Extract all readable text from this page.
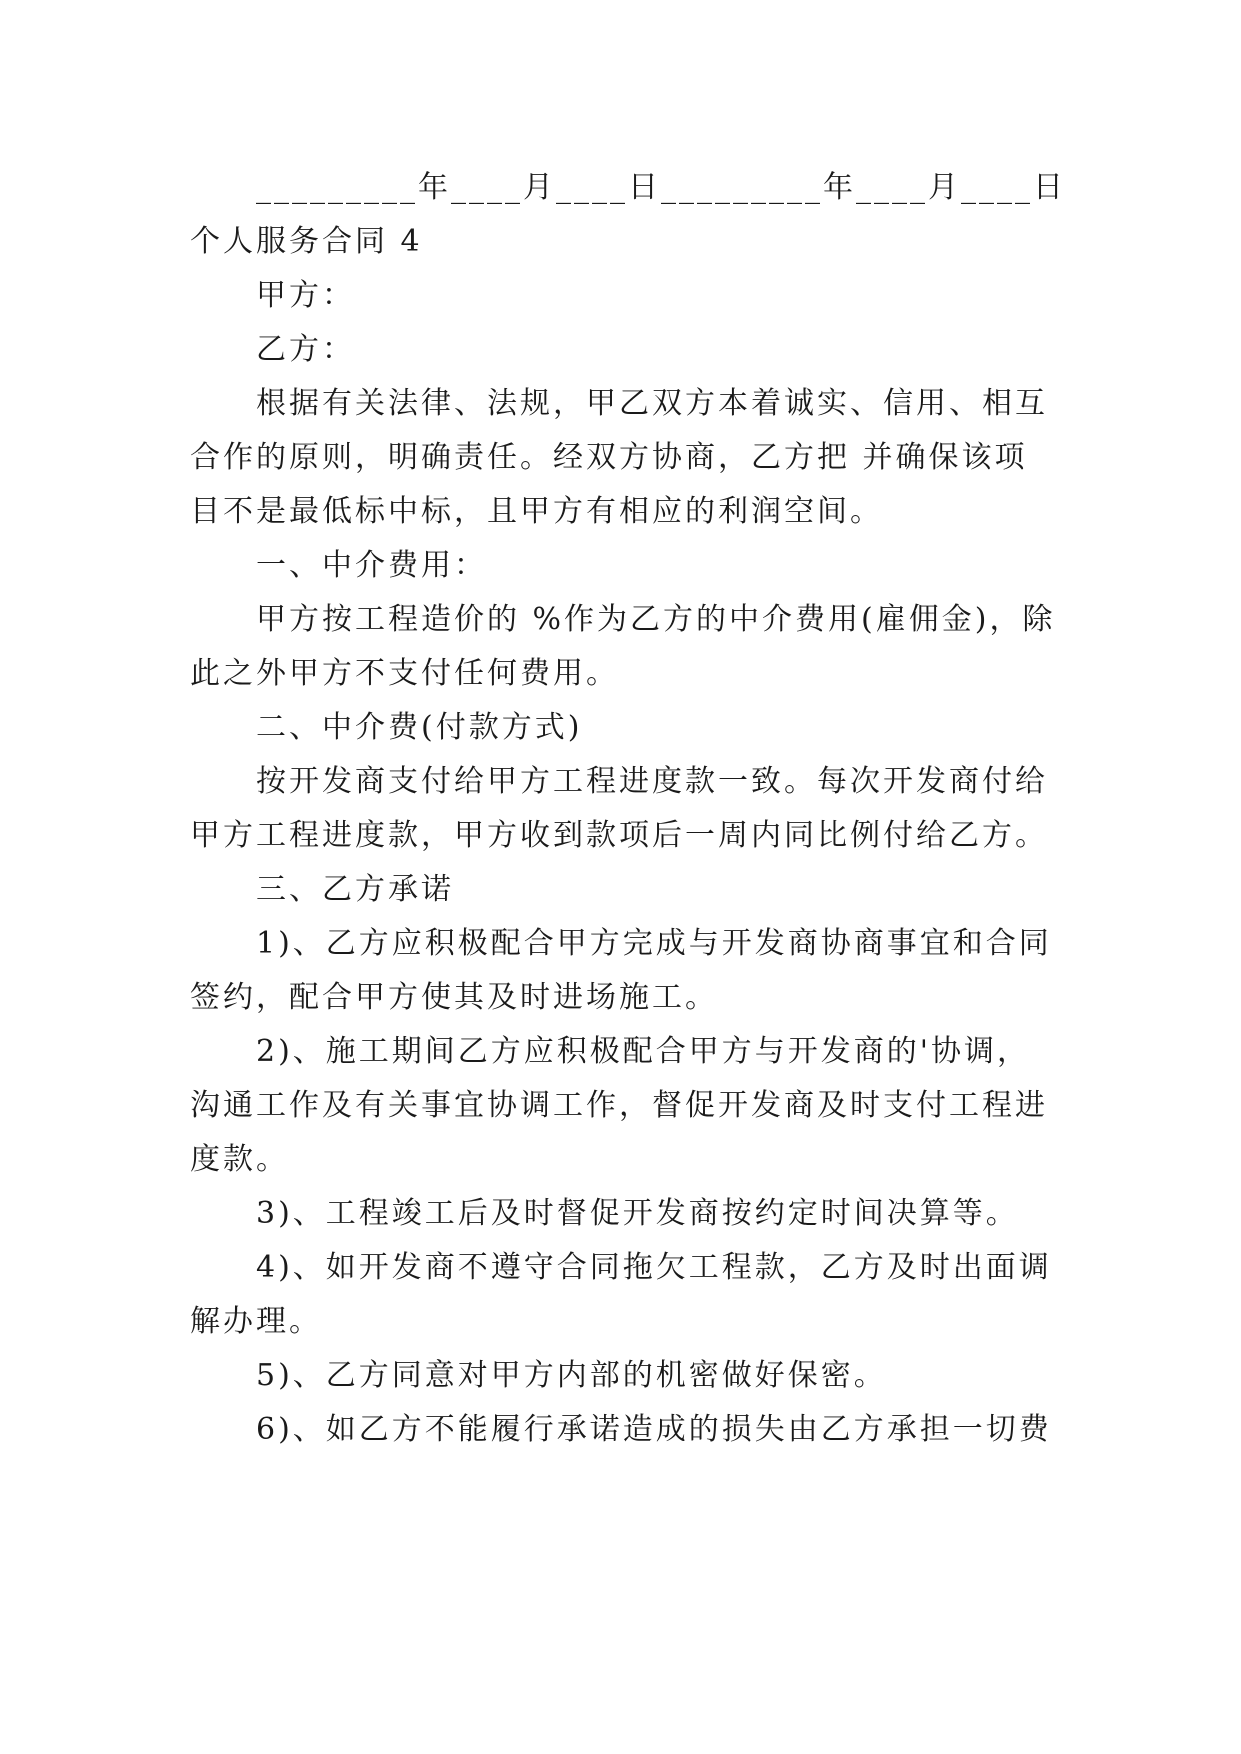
_________年____月____日_________年____月____日
个人服务合同 4
甲方：
乙方：
根据有关法律、法规，甲乙双方本着诚实、信用、相互
合作的原则，明确责任。经双方协商，乙方把 并确保该项
目不是最低标中标，且甲方有相应的利润空间。
一、中介费用：
甲方按工程造价的 %作为乙方的中介费用(雇佣金)，除
此之外甲方不支付任何费用。
二、中介费(付款方式)
按开发商支付给甲方工程进度款一致。每次开发商付给
甲方工程进度款，甲方收到款项后一周内同比例付给乙方。
三、乙方承诺
1)、乙方应积极配合甲方完成与开发商协商事宜和合同
签约，配合甲方使其及时进场施工。
2)、施工期间乙方应积极配合甲方与开发商的'协调，
沟通工作及有关事宜协调工作，督促开发商及时支付工程进
度款。
3)、工程竣工后及时督促开发商按约定时间决算等。
4)、如开发商不遵守合同拖欠工程款，乙方及时出面调
解办理。
5)、乙方同意对甲方内部的机密做好保密。
6)、如乙方不能履行承诺造成的损失由乙方承担一切费
